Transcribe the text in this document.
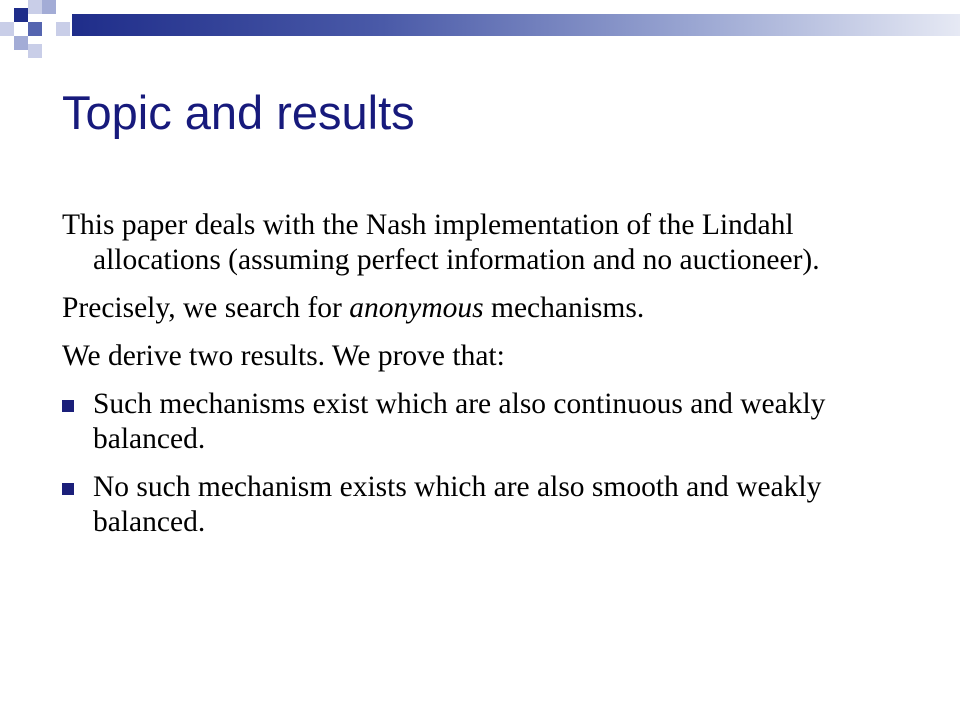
Topic and results

This paper deals with the Nash implementation of the Lindahl allocations (assuming perfect information and no auctioneer).

Precisely, we search for anonymous mechanisms.

We derive two results. We prove that:

Such mechanisms exist which are also continuous and weakly balanced.
No such mechanism exists which are also smooth and weakly balanced.
